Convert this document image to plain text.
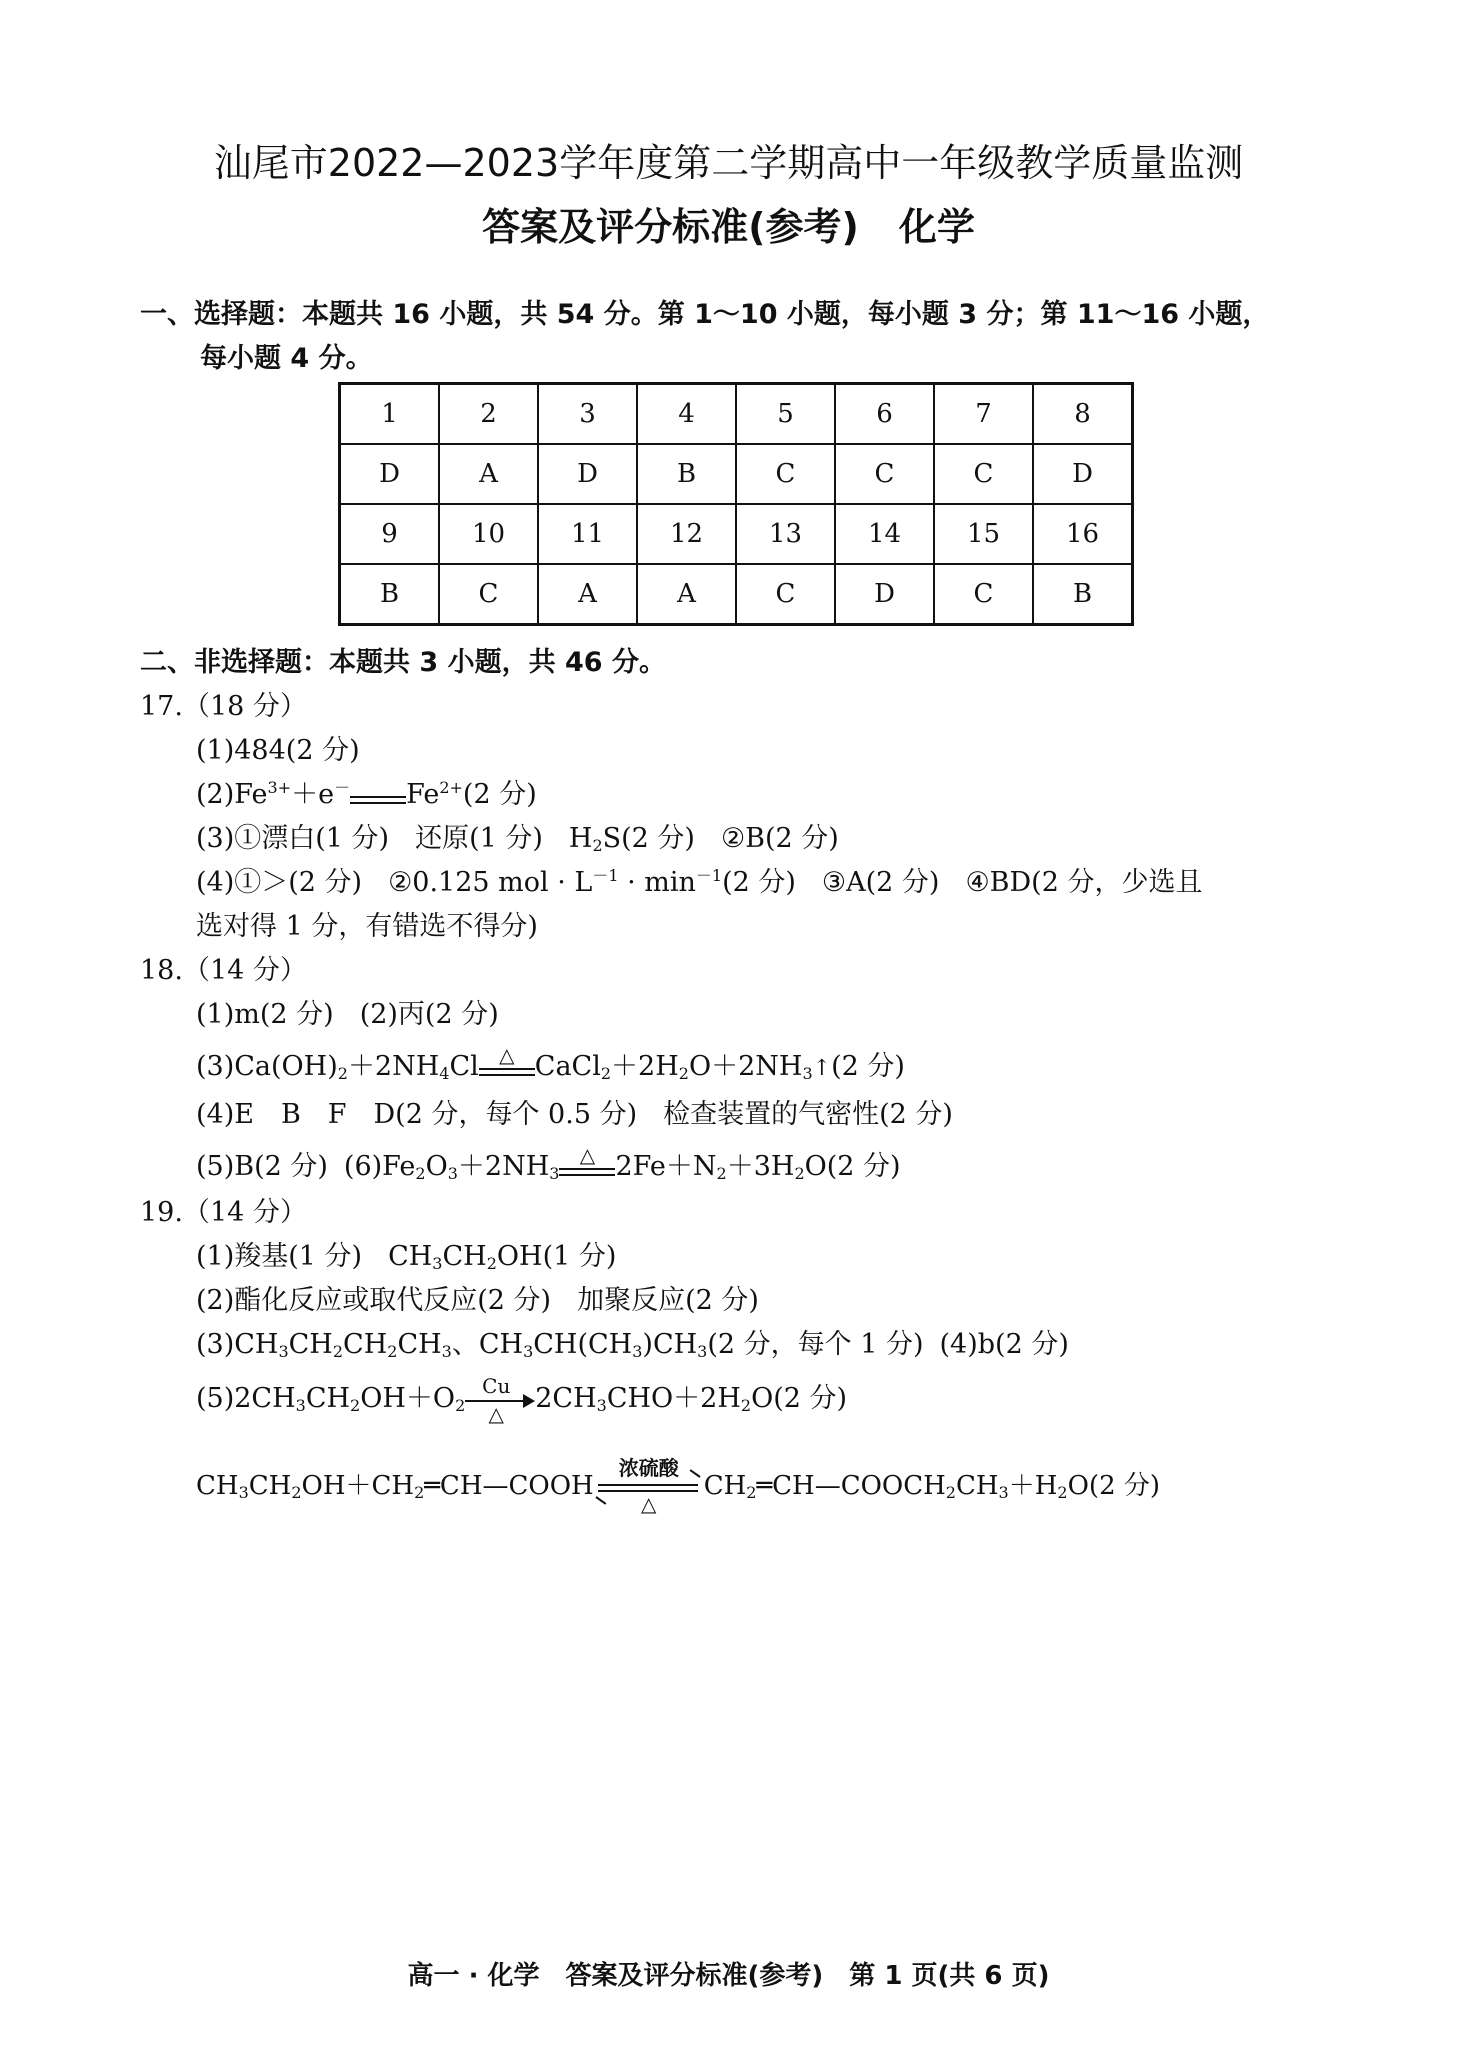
汕尾市2022—2023学年度第二学期高中一年级教学质量监测
答案及评分标准(参考) 化学
一、选择题：本题共 16 小题，共 54 分。第 1～10 小题，每小题 3 分；第 11～16 小题，
每小题 4 分。
1	2	3	4	5	6	7	8
D	A	D	B	C	C	C	D
9	10	11	12	13	14	15	16
B	C	A	A	C	D	C	B
二、非选择题：本题共 3 小题，共 46 分。
17.（18 分）
(1)484(2 分)
$(2)Fe^{3+}+e^-$ $Fe^{2+}(2$ 分)
(3)①漂白(1 分) 还原(1 分) $H_2S(2$ 分) ②B(2 分)
(4)①＞(2 分) ②0.125 mol · $L^{-1} \cdot \min^{-1}(2$ 分) ③A(2 分) ④BD(2 分，少选且
选对得 1 分，有错选不得分)
18.（14 分）
(1)m(2 分) (2)丙(2 分)
$(3)Ca(OH)_2+2NH_4Cl$	△ $CaCl_2+2H_2O+2NH_3↑(2$ 分)
(4)E　B　F　D(2 分，每个 0.5 分) 检查装置的气密性(2 分)
(5)B(2 分) $(6)Fe_2O_3+2NH_3$
△ $2Fe+N_2+3H_2O(2$ 分)
19.（14 分）
(1)羧基(1 分) $CH_3CH_2OH(1$ 分)
(2)酯化反应或取代反应(2 分) 加聚反应(2 分)
$(3)CH_3CH_2CH_2CH_3$、$CH_3CH(CH_3)CH_3(2$ 分，每个 1 分) (4)b(2 分)
$(5)2CH_3CH_2OH+O_2$
Cu
△	$2CH_3CHO+2H_2O(2$ 分)
$CH_3CH_2OH+CH_2═CH—COOH$
浓硫酸
△
$CH_2═CH—COOCH_2CH_3+H_2O(2$ 分)
高一 · 化学　答案及评分标准(参考)　第 1 页(共 6 页)
